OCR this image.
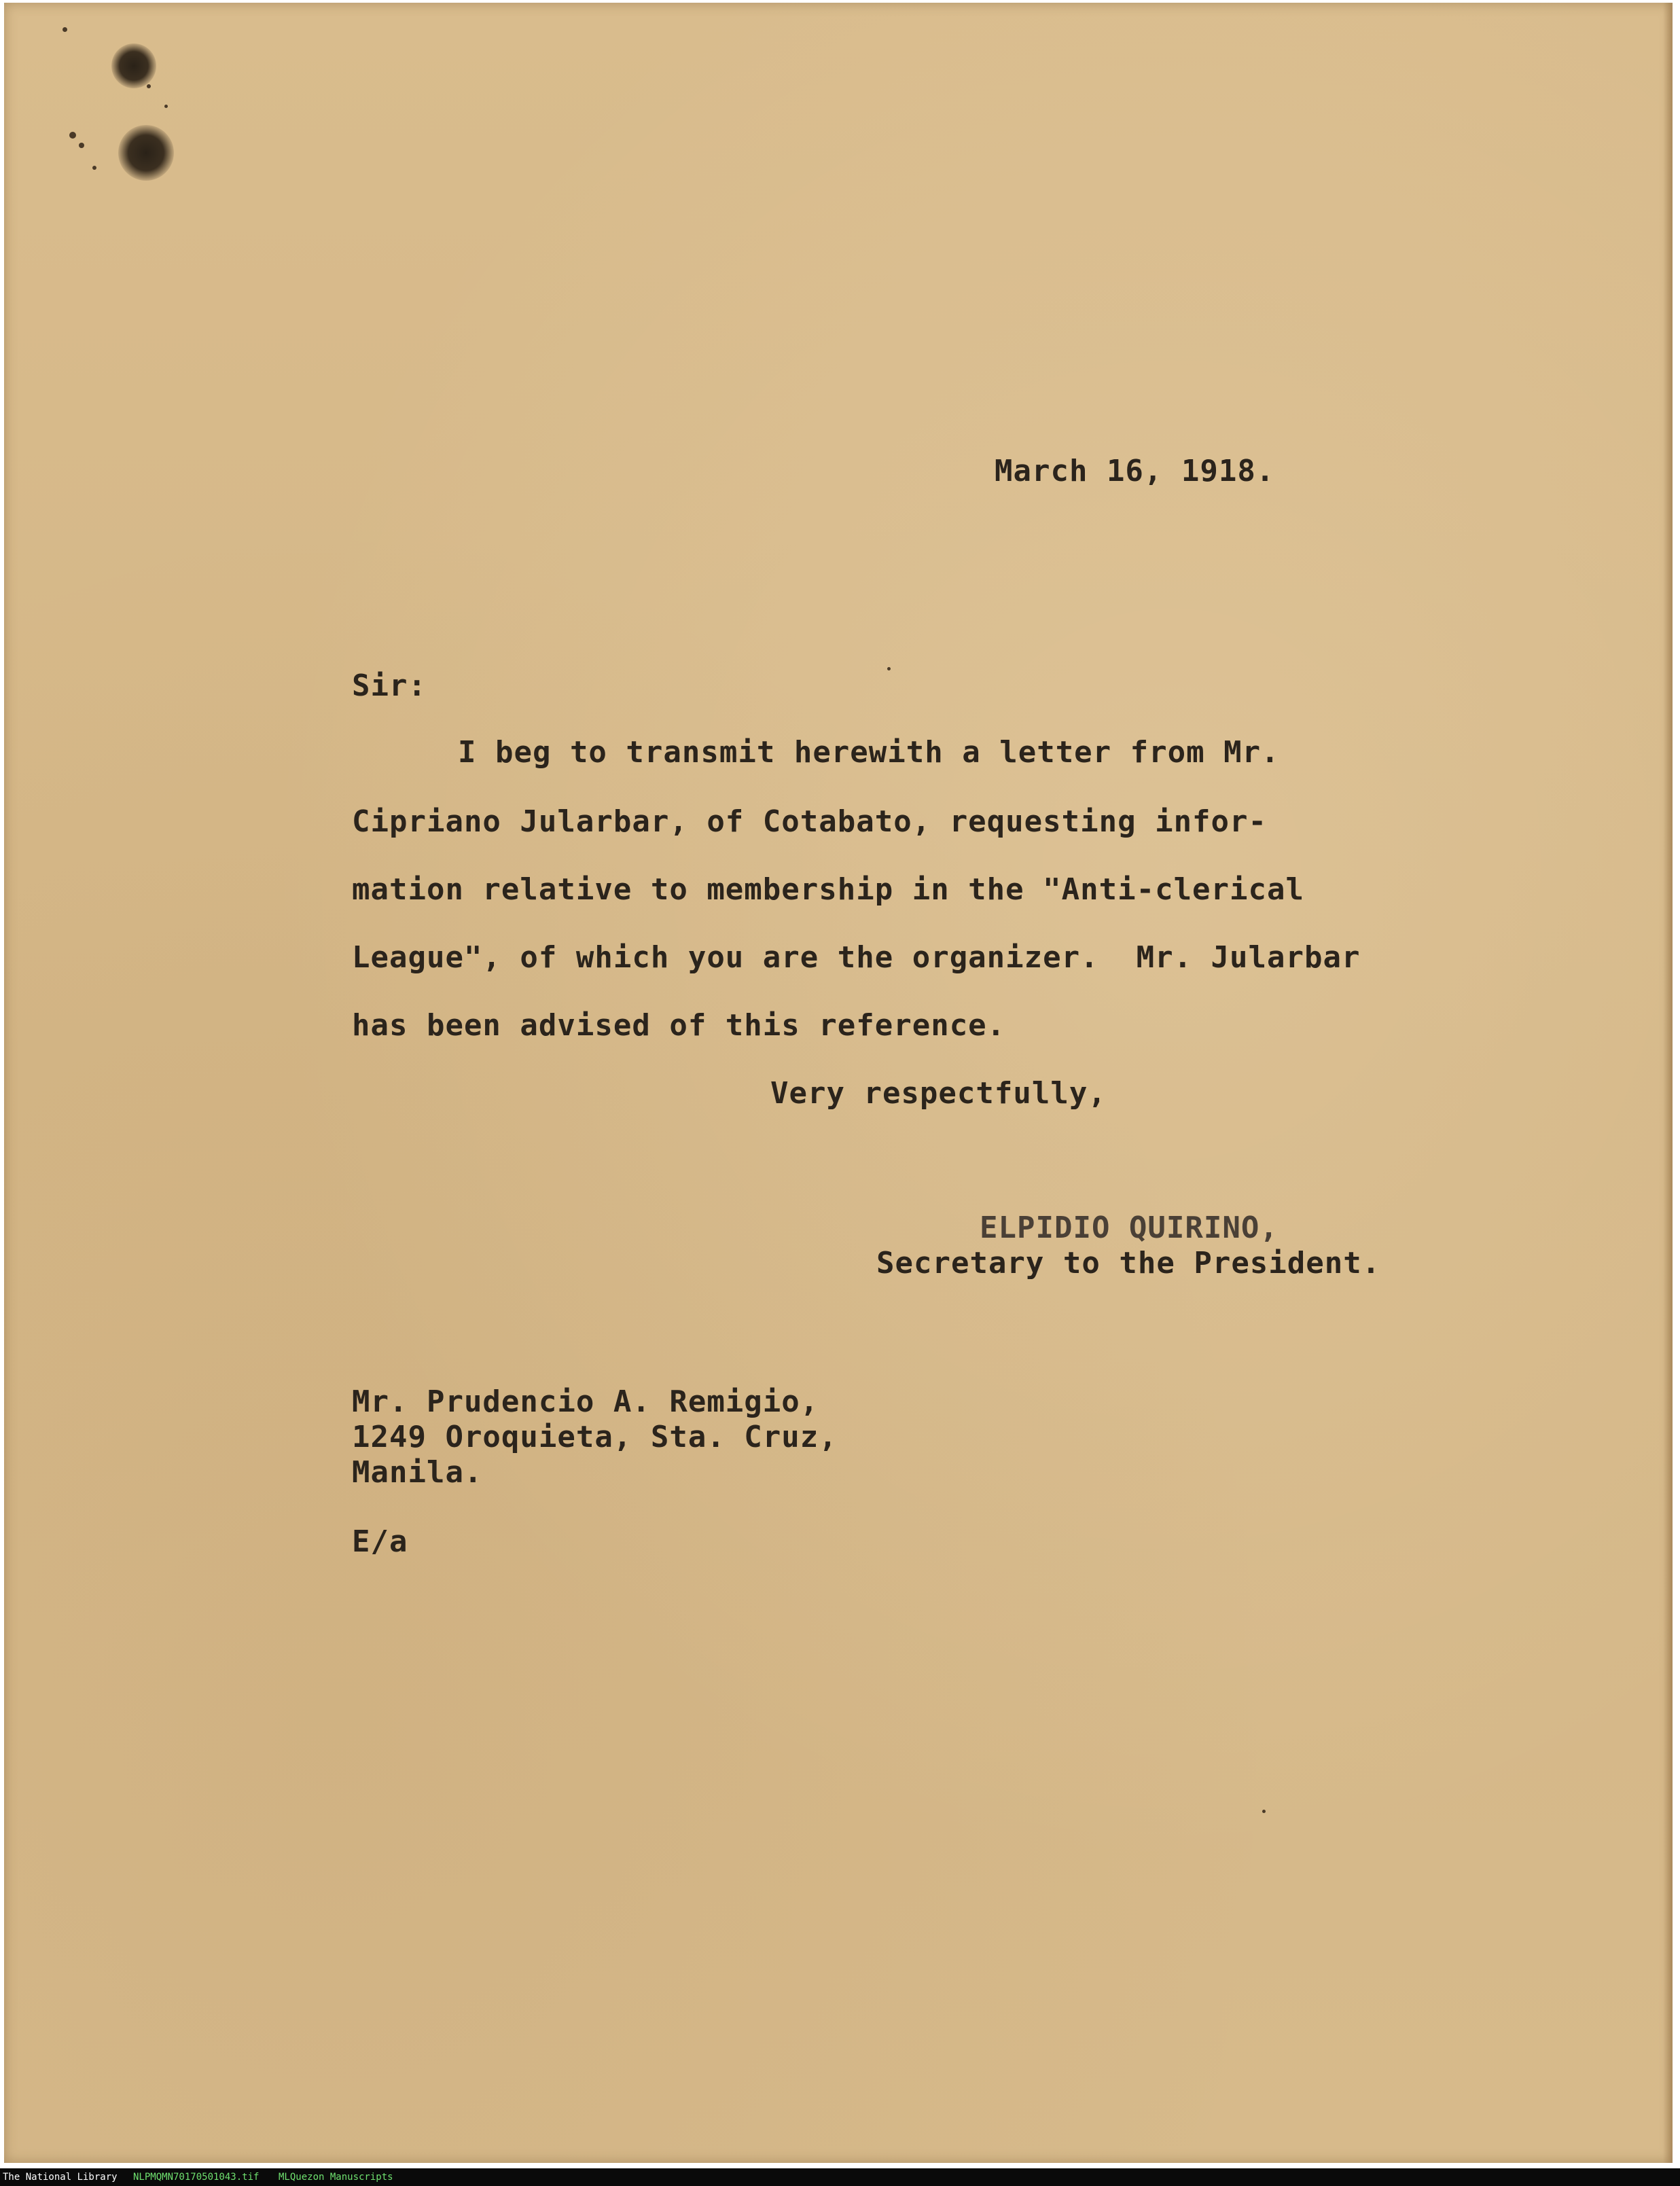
March 16, 1918.
Sir:
I beg to transmit herewith a letter from Mr.
Cipriano Jularbar, of Cotabato, requesting infor-
mation relative to membership in the "Anti-clerical
League", of which you are the organizer.  Mr. Jularbar
has been advised of this reference.
Very respectfully,
ELPIDIO QUIRINO,
Secretary to the President.
Mr. Prudencio A. Remigio,
1249 Oroquieta, Sta. Cruz,
Manila.
E/a
The National Library NLPMQMN70170501043.tif MLQuezon Manuscripts
